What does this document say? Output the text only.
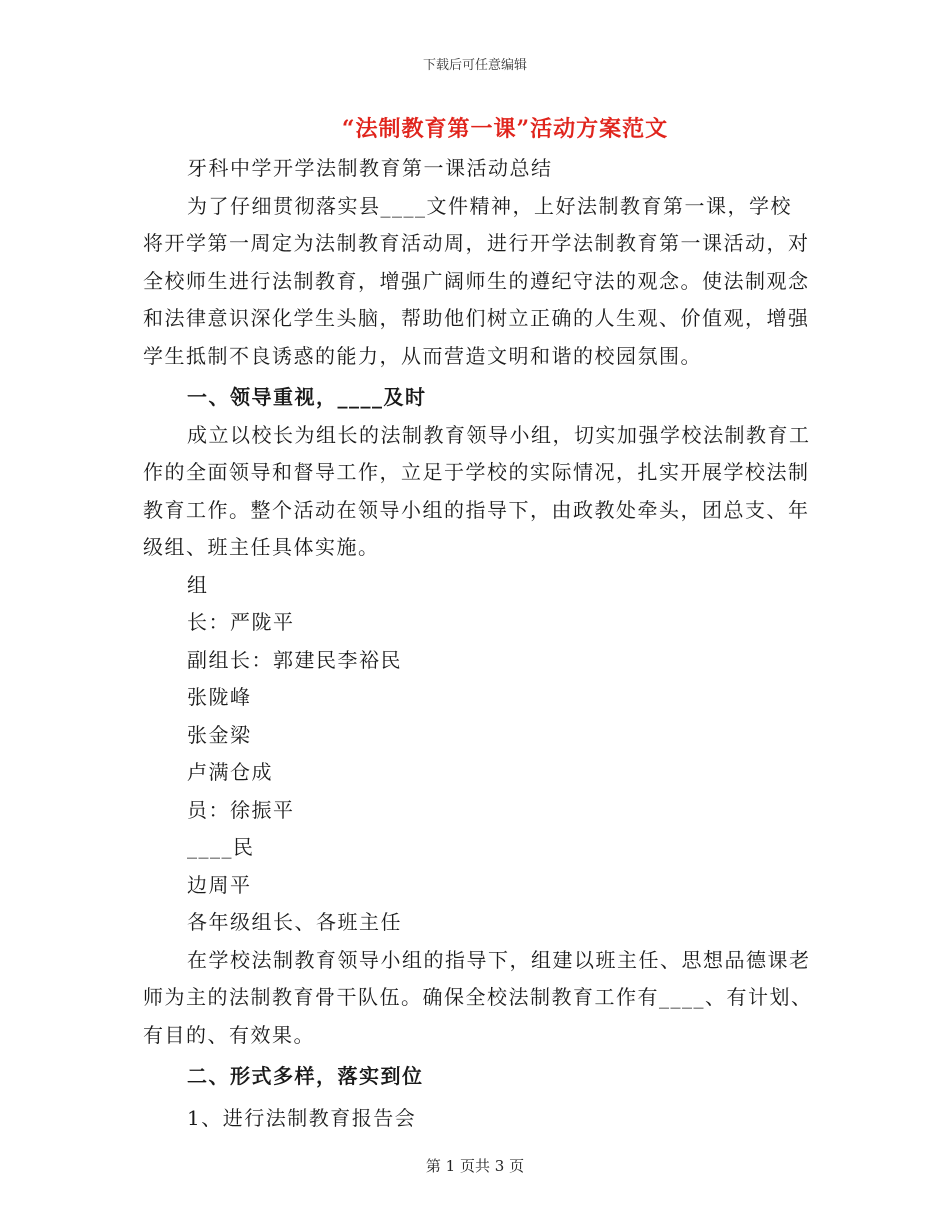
下载后可任意编辑
“法制教育第一课”活动方案范文

牙科中学开学法制教育第一课活动总结

为了仔细贯彻落实县____文件精神，上好法制教育第一课，学校将开学第一周定为法制教育活动周，进行开学法制教育第一课活动，对全校师生进行法制教育，增强广阔师生的遵纪守法的观念。使法制观念和法律意识深化学生头脑，帮助他们树立正确的人生观、价值观，增强学生抵制不良诱惑的能力，从而营造文明和谐的校园氛围。

一、领导重视，____及时

成立以校长为组长的法制教育领导小组，切实加强学校法制教育工作的全面领导和督导工作，立足于学校的实际情况，扎实开展学校法制教育工作。整个活动在领导小组的指导下，由政教处牵头，团总支、年级组、班主任具体实施。

组

长：严陇平

副组长：郭建民李裕民

张陇峰

张金梁

卢满仓成

员：徐振平

____民

边周平

各年级组长、各班主任

在学校法制教育领导小组的指导下，组建以班主任、思想品德课老师为主的法制教育骨干队伍。确保全校法制教育工作有____、有计划、有目的、有效果。

二、形式多样，落实到位

1、进行法制教育报告会

第 1 页共 3 页
